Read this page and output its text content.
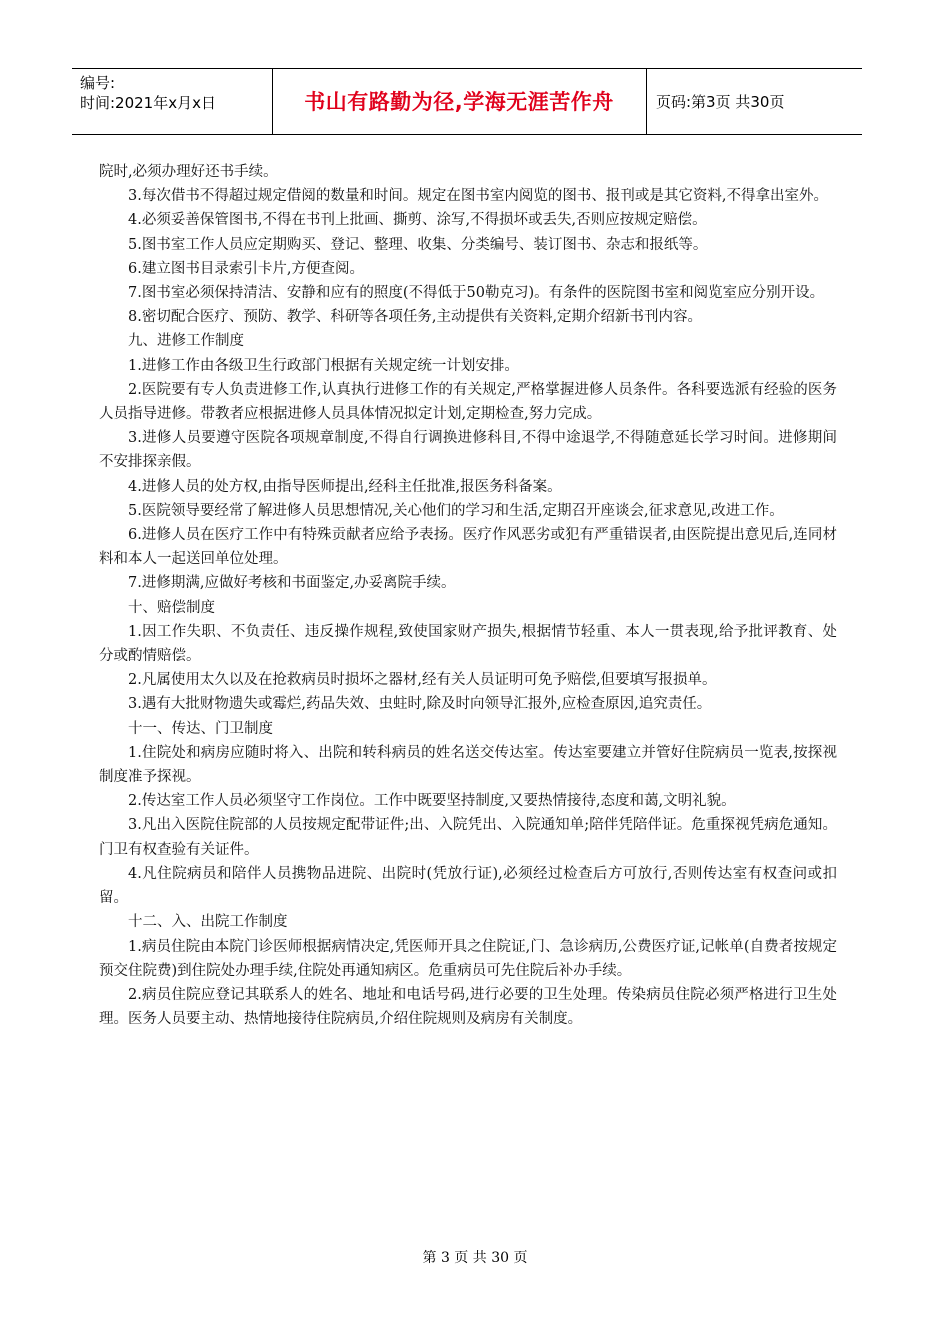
编号:
时间:2021年x月x日	书山有路勤为径,学海无涯苦作舟	页码:第3页 共30页

院时,必须办理好还书手续。

3.每次借书不得超过规定借阅的数量和时间。规定在图书室内阅览的图书、报刊或是其它资料,不得拿出室外。

4.必须妥善保管图书,不得在书刊上批画、撕剪、涂写,不得损坏或丢失,否则应按规定赔偿。

5.图书室工作人员应定期购买、登记、整理、收集、分类编号、装订图书、杂志和报纸等。

6.建立图书目录索引卡片,方便查阅。

7.图书室必须保持清洁、安静和应有的照度(不得低于50勒克习)。有条件的医院图书室和阅览室应分别开设。

8.密切配合医疗、预防、教学、科研等各项任务,主动提供有关资料,定期介绍新书刊内容。

九、进修工作制度

1.进修工作由各级卫生行政部门根据有关规定统一计划安排。

2.医院要有专人负责进修工作,认真执行进修工作的有关规定,严格掌握进修人员条件。各科要选派有经验的医务人员指导进修。带教者应根据进修人员具体情况拟定计划,定期检查,努力完成。

3.进修人员要遵守医院各项规章制度,不得自行调换进修科目,不得中途退学,不得随意延长学习时间。进修期间不安排探亲假。

4.进修人员的处方权,由指导医师提出,经科主任批准,报医务科备案。

5.医院领导要经常了解进修人员思想情况,关心他们的学习和生活,定期召开座谈会,征求意见,改进工作。

6.进修人员在医疗工作中有特殊贡献者应给予表扬。医疗作风恶劣或犯有严重错误者,由医院提出意见后,连同材料和本人一起送回单位处理。

7.进修期满,应做好考核和书面鉴定,办妥离院手续。

十、赔偿制度

1.因工作失职、不负责任、违反操作规程,致使国家财产损失,根据情节轻重、本人一贯表现,给予批评教育、处分或酌情赔偿。

2.凡属使用太久以及在抢救病员时损坏之器材,经有关人员证明可免予赔偿,但要填写报损单。

3.遇有大批财物遗失或霉烂,药品失效、虫蛀时,除及时向领导汇报外,应检查原因,追究责任。

十一、传达、门卫制度

1.住院处和病房应随时将入、出院和转科病员的姓名送交传达室。传达室要建立并管好住院病员一览表,按探视制度准予探视。

2.传达室工作人员必须坚守工作岗位。工作中既要坚持制度,又要热情接待,态度和蔼,文明礼貌。

3.凡出入医院住院部的人员按规定配带证件;出、入院凭出、入院通知单;陪伴凭陪伴证。危重探视凭病危通知。门卫有权查验有关证件。

4.凡住院病员和陪伴人员携物品进院、出院时(凭放行证),必须经过检查后方可放行,否则传达室有权查问或扣留。

十二、入、出院工作制度

1.病员住院由本院门诊医师根据病情决定,凭医师开具之住院证,门、急诊病历,公费医疗证,记帐单(自费者按规定预交住院费)到住院处办理手续,住院处再通知病区。危重病员可先住院后补办手续。

2.病员住院应登记其联系人的姓名、地址和电话号码,进行必要的卫生处理。传染病员住院必须严格进行卫生处理。医务人员要主动、热情地接待住院病员,介绍住院规则及病房有关制度。

第 3 页 共 30 页
